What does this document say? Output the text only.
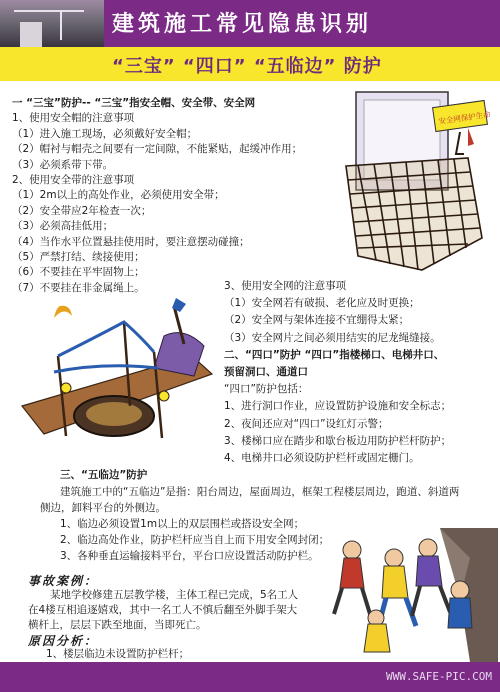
建筑施工常见隐患识别
“三宝” “四口” “五临边” 防护
一 “三宝”防护-- “三宝”指安全帽、安全带、安全网
1、使用安全帽的注意事项
（1）进入施工现场，必须戴好安全帽；
（2）帽衬与帽壳之间要有一定间隙，不能紧贴，起缓冲作用；
（3）必须系带下带。
2、使用安全带的注意事项
（1）2m以上的高处作业，必须使用安全带；
（2）安全带应2年检查一次；
（3）必须高挂低用；
（4）当作水平位置悬挂使用时，要注意摆动碰撞；
（5）严禁打结、续接使用；
（6）不要挂在平牢固物上；
（7）不要挂在非金属绳上。
安全网保护生命
3、使用安全网的注意事项
（1）安全网若有破损、老化应及时更换；
（2）安全网与架体连接不宜绷得太紧；
（3）安全网片之间必须用结实的尼龙绳缝接。
二、“四口”防护 “四口”指楼梯口、电梯井口、
预留洞口、通道口
“四口”防护包括：
1、进行洞口作业，应设置防护设施和安全标志；
2、夜间还应对“四口”设红灯示警；
3、楼梯口应在踏步和歇台板边用防护栏杆防护；
4、电梯井口必须设防护栏杆或固定栅门。
三、“五临边”防护
建筑施工中的“五临边”是指：阳台周边，屋面周边，框架工程楼层周边，跑道、斜道两
侧边，卸料平台的外侧边。
1、临边必须设置1m以上的双层围栏或搭设安全网；
2、临边高处作业，防护栏杆应当自上而下用安全网封闭；
3、各种垂直运输接料平台，平台口应设置活动防护栏。
事故案例：
某地学校修建五层教学楼，主体工程已完成，5名工人
在4楼互相追逐嬉戏，其中一名工人不慎后翻至外脚手架大
横杆上，层层下跌至地面，当即死亡。
原因分析：
1、楼层临边未设置防护栏杆；
WWW.SAFE-PIC.COM
